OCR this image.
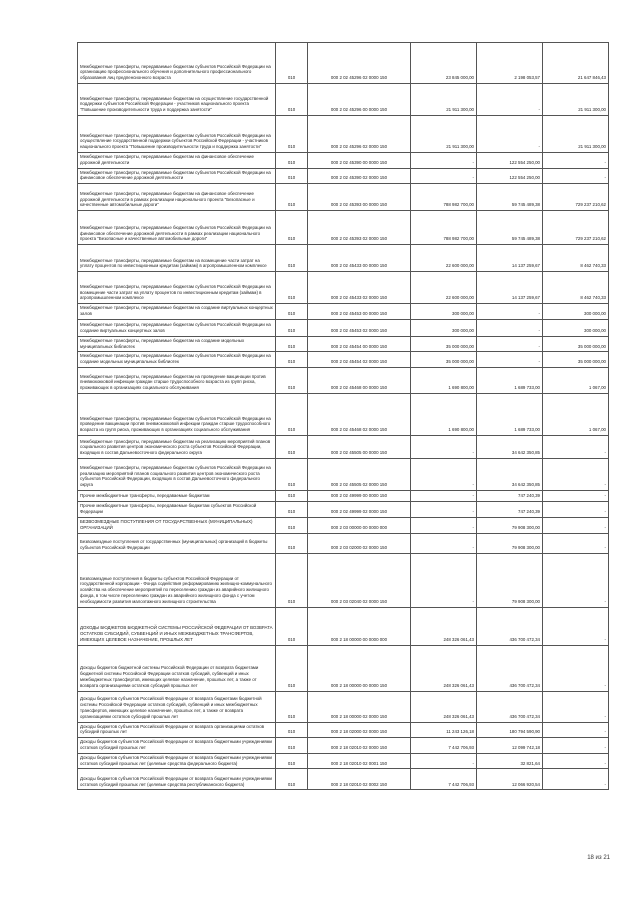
Межбюджетные трансферты, передаваемые бюджетам субъектов Российской Федерации на организацию профессионального обучения и дополнительного профессионального образования лиц предпенсионного возраста	010	000 2 02 45296 02 0000 150	23 845 000,00	2 198 053,57	21 647 846,43

Межбюджетные трансферты, передаваемые бюджетам на осуществление государственной поддержки субъектов Российской Федерации - участников национального проекта "Повышение производительности труда и поддержка занятости"	010	000 2 02 45296 00 0000 150	21 911 300,00	-	21 911 300,00

Межбюджетные трансферты, передаваемые бюджетам субъектов Российской Федерации на осуществление государственной поддержки субъектов Российской Федерации - участников национального проекта "Повышение производительности труда и поддержка занятости"	010	000 2 02 45296 02 0000 150	21 911 300,00	-	21 911 300,00

Межбюджетные трансферты, передаваемые бюджетам на финансовое обеспечение дорожной деятельности	010	000 2 02 45390 00 0000 150	-	122 554 250,00	-

Межбюджетные трансферты, передаваемые бюджетам субъектов Российской Федерации на финансовое обеспечение дорожной деятельности	010	000 2 02 45390 02 0000 150	-	122 554 250,00	-

Межбюджетные трансферты, передаваемые бюджетам на финансовое обеспечение дорожной деятельности в рамках реализации национального проекта "Безопасные и качественные автомобильные дороги"	010	000 2 02 45393 00 0000 150	788 982 700,00	59 745 489,38	729 237 210,62

Межбюджетные трансферты, передаваемые бюджетам субъектов Российской Федерации на финансовое обеспечение дорожной деятельности в рамках реализации национального проекта "Безопасные и качественные автомобильные дороги"	010	000 2 02 45393 02 0000 150	788 982 700,00	59 745 489,38	729 237 210,62

Межбюджетные трансферты, передаваемые бюджетам на возмещение части затрат на уплату процентов по инвестиционным кредитам (займам) в агропромышленном комплексе	010	000 2 02 45433 00 0000 150	22 600 000,00	14 137 259,67	8 462 740,33

Межбюджетные трансферты, передаваемые бюджетам субъектов Российской Федерации на возмещение части затрат на уплату процентов по инвестиционным кредитам (займам) в агропромышленном комплексе	010	000 2 02 45433 02 0000 150	22 600 000,00	14 137 259,67	8 462 740,33

Межбюджетные трансферты, передаваемые бюджетам на создание виртуальных концертных залов	010	000 2 02 45453 00 0000 150	300 000,00	-	300 000,00

Межбюджетные трансферты, передаваемые бюджетам субъектов Российской Федерации на создание виртуальных концертных залов	010	000 2 02 45453 02 0000 150	300 000,00	-	300 000,00

Межбюджетные трансферты, передаваемые бюджетам на создание модельных муниципальных библиотек	010	000 2 02 45454 00 0000 150	35 000 000,00	-	35 000 000,00

Межбюджетные трансферты, передаваемые бюджетам субъектов Российской Федерации на создание модельных муниципальных библиотек	010	000 2 02 45454 02 0000 150	35 000 000,00	-	35 000 000,00

Межбюджетные трансферты, передаваемые бюджетам на проведение вакцинации против пневмококковой инфекции граждан старше трудоспособного возраста из групп риска, проживающих в организациях социального обслуживания	010	000 2 02 45468 00 0000 150	1 690 800,00	1 689 733,00	1 067,00

Межбюджетные трансферты, передаваемые бюджетам субъектов Российской Федерации на проведение вакцинации против пневмококковой инфекции граждан старше трудоспособного возраста из групп риска, проживающих в организациях социального обслуживания	010	000 2 02 45468 02 0000 150	1 690 800,00	1 689 733,00	1 067,00

Межбюджетные трансферты, передаваемые бюджетам на реализацию мероприятий планов социального развития центров экономического роста субъектов Российской Федерации, входящих в состав Дальневосточного федерального округа	010	000 2 02 45505 00 0000 150	-	34 642 350,85	-

Межбюджетные трансферты, передаваемые бюджетам субъектов Российской Федерации на реализацию мероприятий планов социального развития центров экономического роста субъектов Российской Федерации, входящих в состав Дальневосточного федерального округа	010	000 2 02 45505 02 0000 150	-	34 642 350,85	-

Прочие межбюджетные трансферты, передаваемые бюджетам	010	000 2 02 49999 00 0000 150	-	747 240,39	-

Прочие межбюджетные трансферты, передаваемые бюджетам субъектов Российской Федерации	010	000 2 02 49999 02 0000 150	-	747 240,39	-

БЕЗВОЗМЕЗДНЫЕ ПОСТУПЛЕНИЯ ОТ ГОСУДАРСТВЕННЫХ (МУНИЦИПАЛЬНЫХ) ОРГАНИЗАЦИЙ	010	000 2 03 00000 00 0000 000	-	79 908 300,00	-

Безвозмездные поступления от государственных (муниципальных) организаций в бюджеты субъектов Российской Федерации	010	000 2 03 02000 02 0000 150	-	79 908 300,00	-

Безвозмездные поступления в бюджеты субъектов Российской Федерации от государственной корпорации - Фонда содействия реформированию жилищно-коммунального хозяйства на обеспечение мероприятий по переселению граждан из аварийного жилищного фонда, в том числе переселению граждан из аварийного жилищного фонда с учетом необходимости развития малоэтажного жилищного строительства	010	000 2 03 02040 02 0000 150	-	79 908 300,00	-

ДОХОДЫ БЮДЖЕТОВ БЮДЖЕТНОЙ СИСТЕМЫ РОССИЙСКОЙ ФЕДЕРАЦИИ ОТ ВОЗВРАТА ОСТАТКОВ СУБСИДИЙ, СУБВЕНЦИЙ И ИНЫХ МЕЖБЮДЖЕТНЫХ ТРАНСФЕРТОВ, ИМЕЮЩИХ ЦЕЛЕВОЕ НАЗНАЧЕНИЕ, ПРОШЛЫХ ЛЕТ	010	000 2 18 00000 00 0000 000	248 326 061,43	436 700 472,34	-

Доходы бюджетов бюджетной системы Российской Федерации от возврата бюджетами бюджетной системы Российской Федерации остатков субсидий, субвенций и иных межбюджетных трансфертов, имеющих целевое назначение, прошлых лет, а также от возврата организациями остатков субсидий прошлых лет	010	000 2 18 00000 00 0000 150	248 326 061,43	436 700 472,34	-

Доходы бюджетов субъектов Российской Федерации от возврата бюджетами бюджетной системы Российской Федерации остатков субсидий, субвенций и иных межбюджетных трансфертов, имеющих целевое назначение, прошлых лет, а также от возврата организациями остатков субсидий прошлых лет	010	000 2 18 00000 02 0000 150	248 326 061,43	436 700 472,34	-

Доходы бюджетов субъектов Российской Федерации от возврата организациями остатков субсидий прошлых лет	010	000 2 18 02000 02 0000 150	11 243 126,18	180 794 590,90	-

Доходы бюджетов субъектов Российской Федерации от возврата бюджетными учреждениями остатков субсидий прошлых лет	010	000 2 18 02010 02 0000 150	7 442 706,93	12 099 742,18	-

Доходы бюджетов субъектов Российской Федерации от возврата бюджетными учреждениями остатков субсидий прошлых лет (целевые средства федерального бюджета)	010	000 2 18 02010 02 0001 150	-	32 821,64	-

Доходы бюджетов субъектов Российской Федерации от возврата бюджетными учреждениями остатков субсидий прошлых лет (целевые средства республиканского бюджета)	010	000 2 18 02010 02 0002 150	7 442 706,93	12 066 920,54	-
18 из 21
